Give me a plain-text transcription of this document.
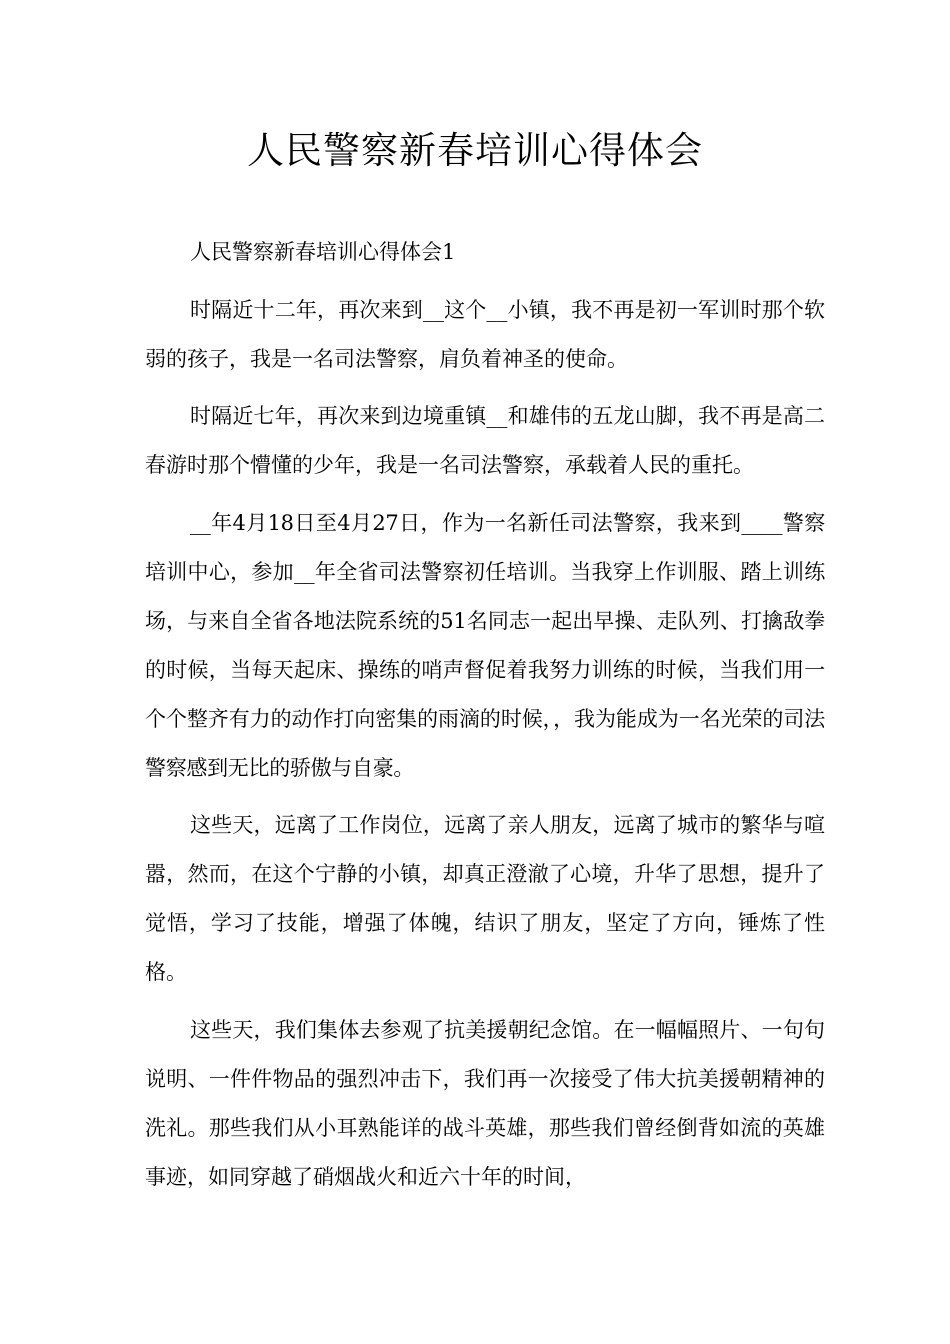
人民警察新春培训心得体会

人民警察新春培训心得体会1

时隔近十二年，再次来到__这个__小镇，我不再是初一军训时那个软弱的孩子，我是一名司法警察，肩负着神圣的使命。

时隔近七年，再次来到边境重镇__和雄伟的五龙山脚，我不再是高二春游时那个懵懂的少年，我是一名司法警察，承载着人民的重托。

__年4月18日至4月27日，作为一名新任司法警察，我来到____警察培训中心，参加__年全省司法警察初任培训。当我穿上作训服、踏上训练场，与来自全省各地法院系统的51名同志一起出早操、走队列、打擒敌拳的时候，当每天起床、操练的哨声督促着我努力训练的时候，当我们用一个个整齐有力的动作打向密集的雨滴的时候，，我为能成为一名光荣的司法警察感到无比的骄傲与自豪。

这些天，远离了工作岗位，远离了亲人朋友，远离了城市的繁华与喧嚣，然而，在这个宁静的小镇，却真正澄澈了心境，升华了思想，提升了觉悟，学习了技能，增强了体魄，结识了朋友，坚定了方向，锤炼了性格。

这些天，我们集体去参观了抗美援朝纪念馆。在一幅幅照片、一句句说明、一件件物品的强烈冲击下，我们再一次接受了伟大抗美援朝精神的洗礼。那些我们从小耳熟能详的战斗英雄，那些我们曾经倒背如流的英雄事迹，如同穿越了硝烟战火和近六十年的时间，
